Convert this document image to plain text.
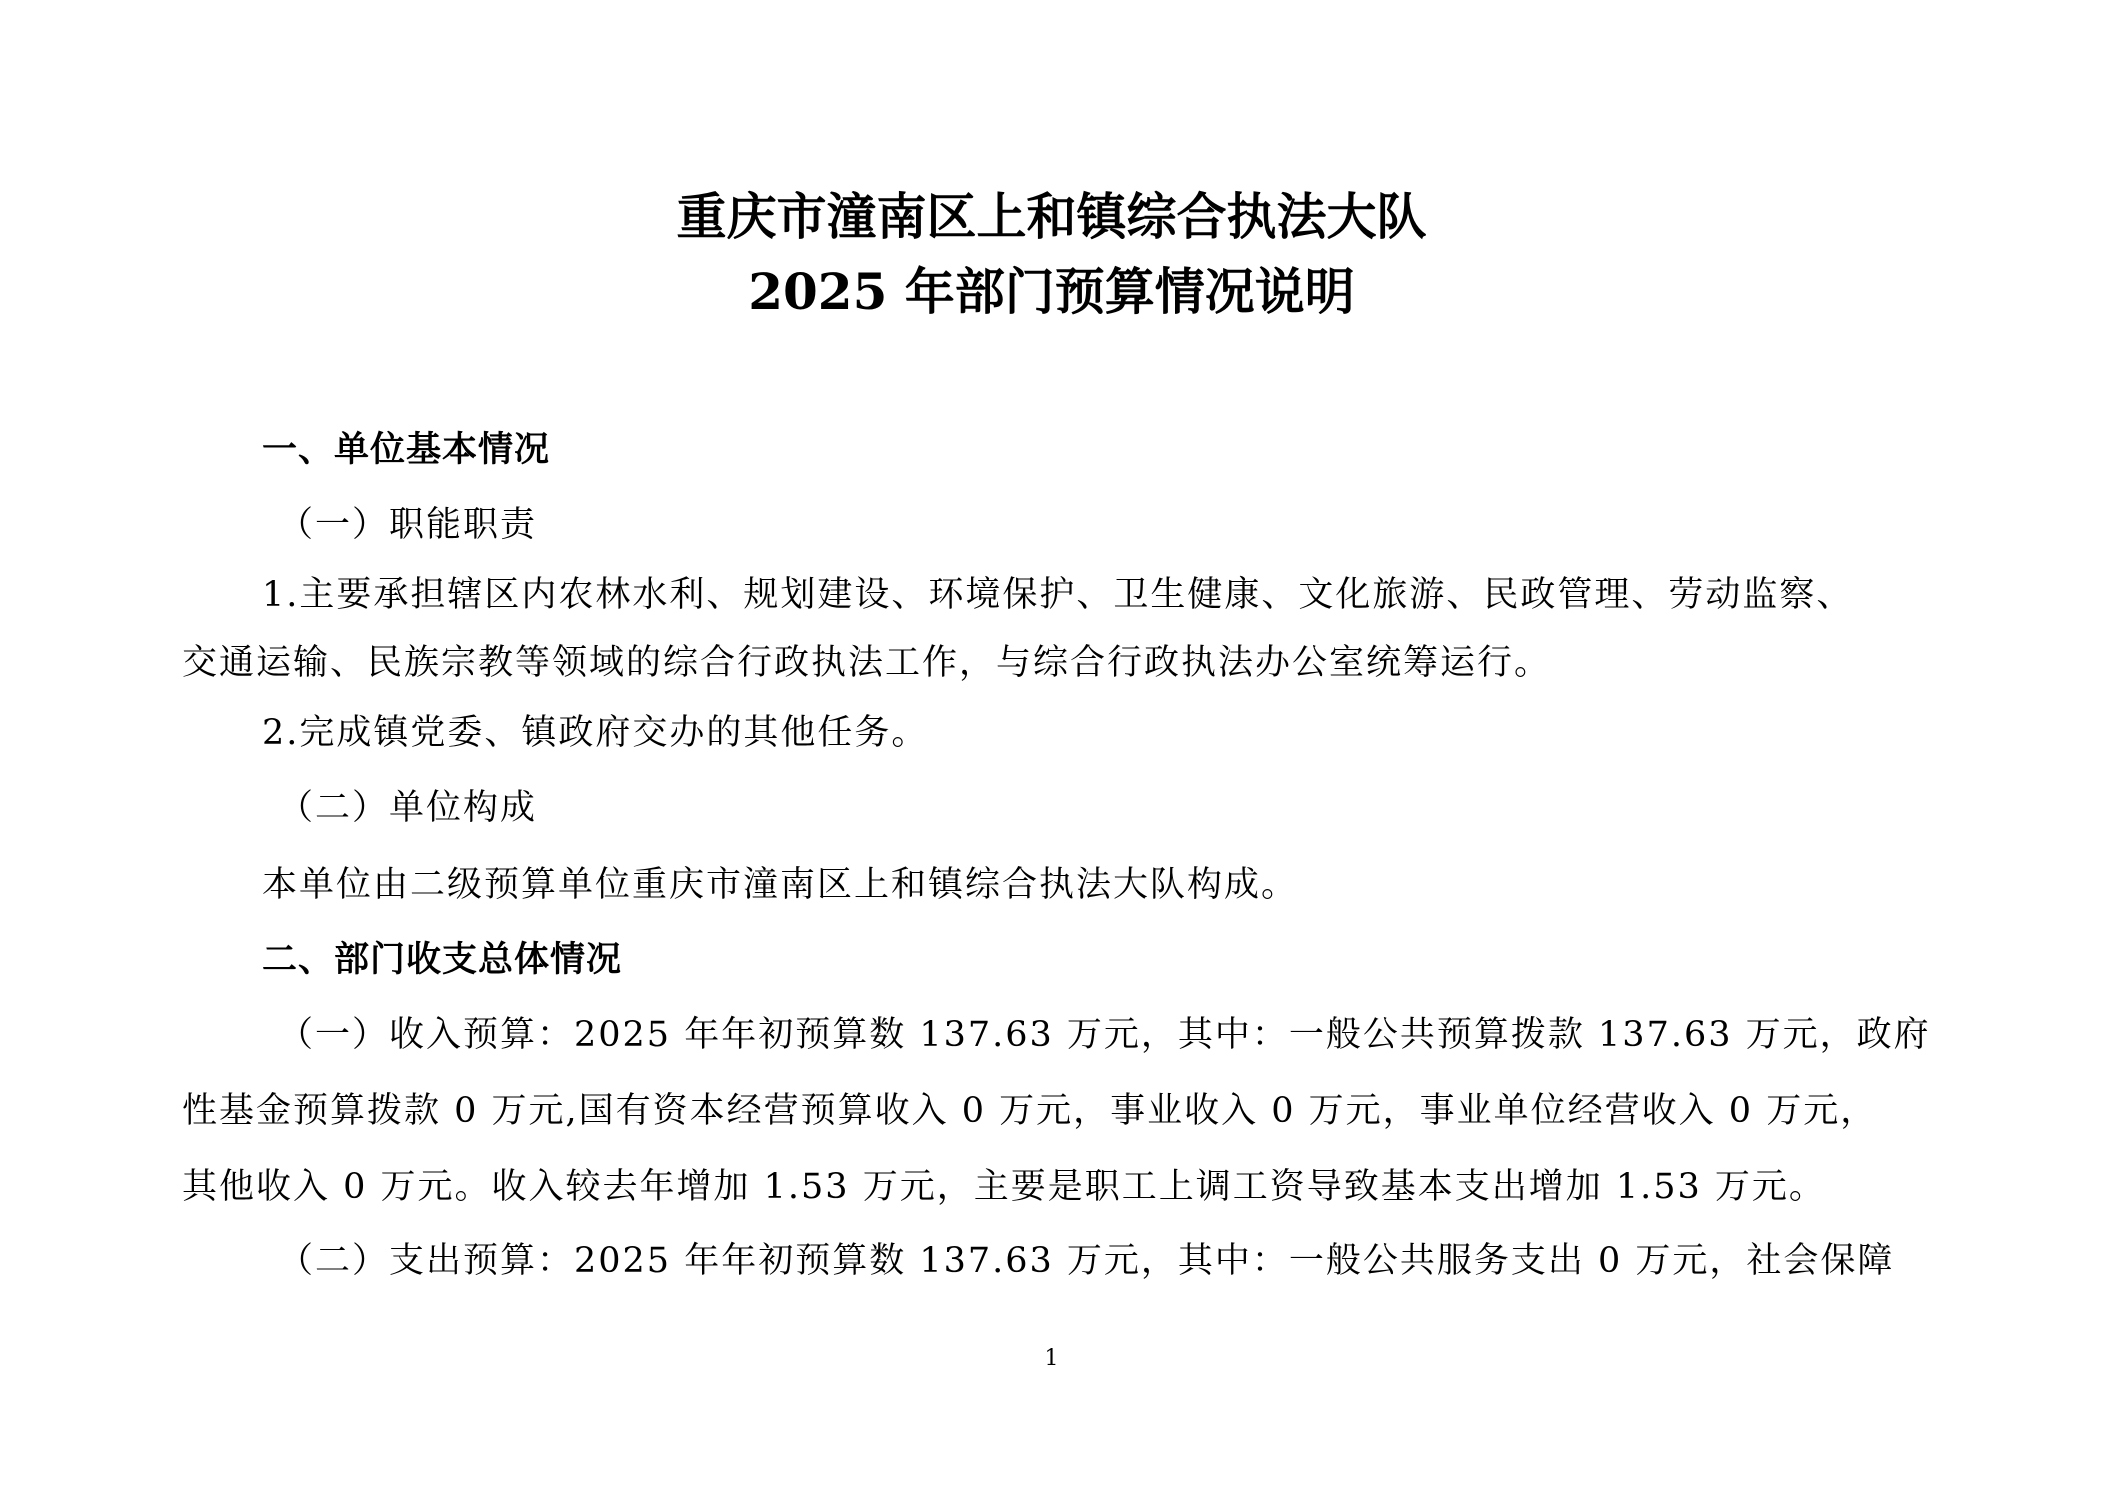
重庆市潼南区上和镇综合执法大队
2025 年部门预算情况说明
一、单位基本情况
（一）职能职责
1.主要承担辖区内农林水利、规划建设、环境保护、卫生健康、文化旅游、民政管理、劳动监察、
交通运输、民族宗教等领域的综合行政执法工作，与综合行政执法办公室统筹运行。
2.完成镇党委、镇政府交办的其他任务。
（二）单位构成
本单位由二级预算单位重庆市潼南区上和镇综合执法大队构成。
二、部门收支总体情况
（一）收入预算：2025 年年初预算数 137.63 万元，其中：一般公共预算拨款 137.63 万元，政府
性基金预算拨款 0 万元,国有资本经营预算收入 0 万元，事业收入 0 万元，事业单位经营收入 0 万元，
其他收入 0 万元。收入较去年增加 1.53 万元，主要是职工上调工资导致基本支出增加 1.53 万元。
（二）支出预算：2025 年年初预算数 137.63 万元，其中：一般公共服务支出 0 万元，社会保障
1
